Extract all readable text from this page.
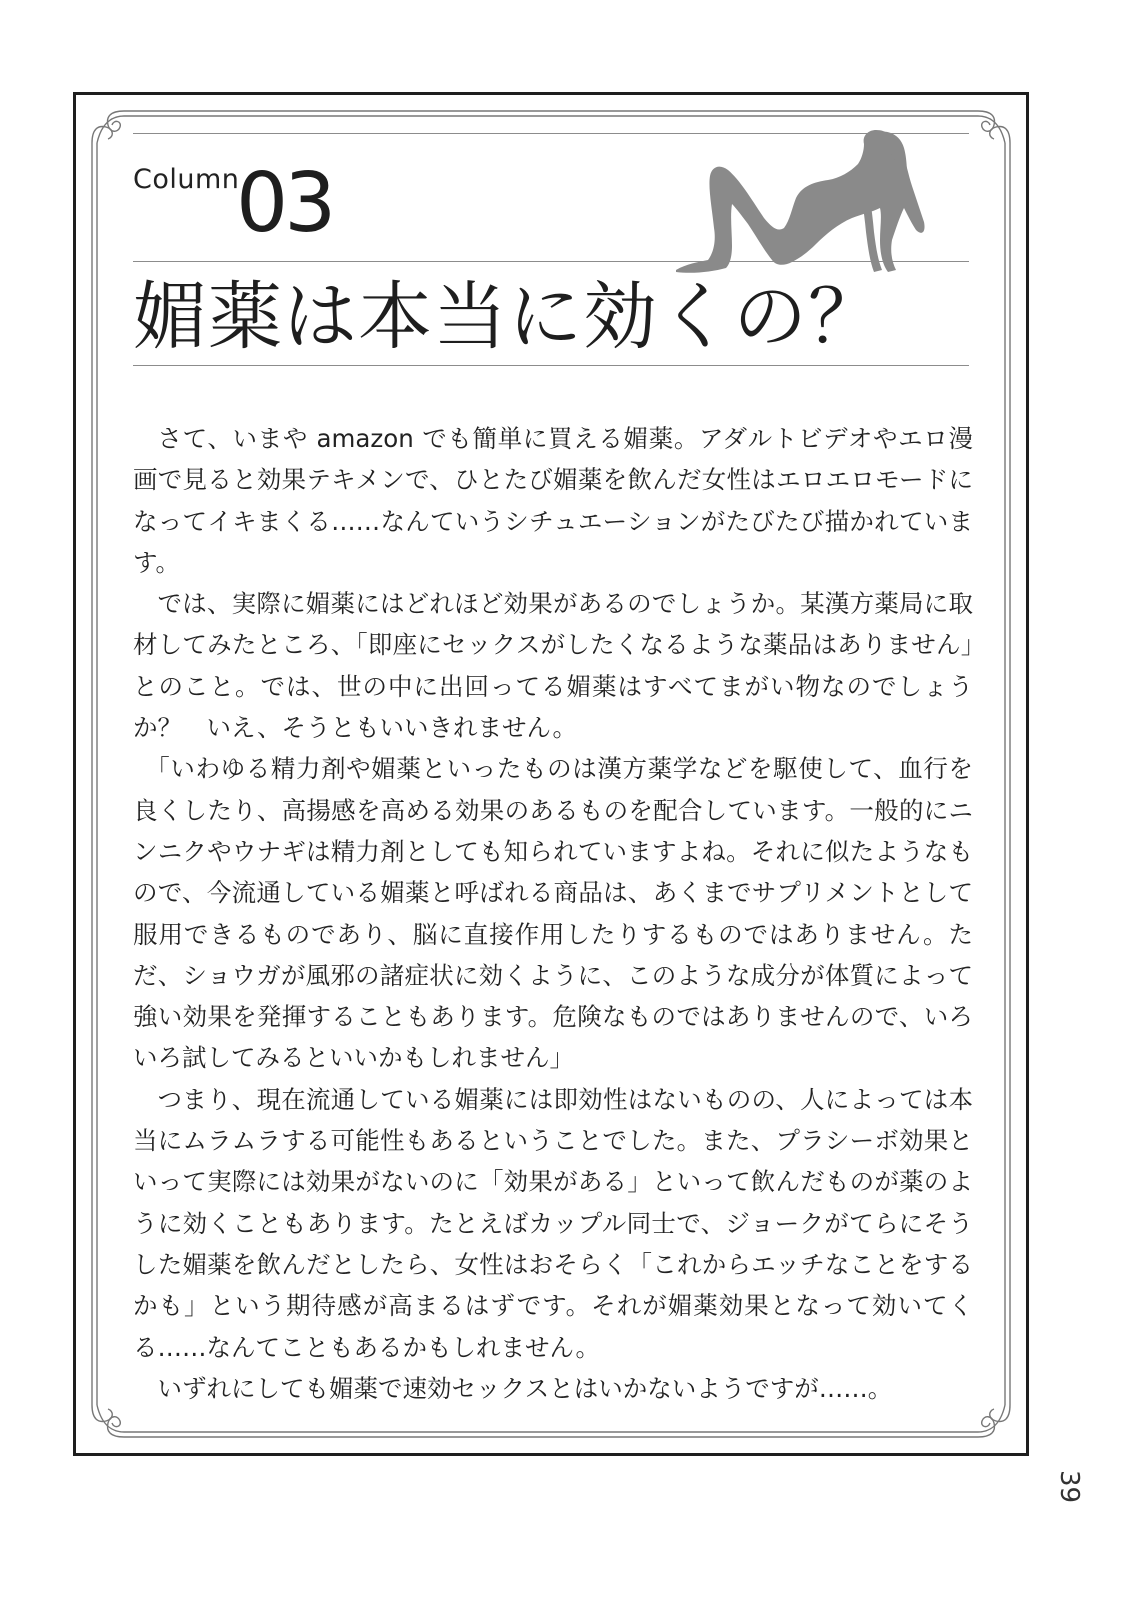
Column
03
媚薬は本当に効くの？

さて、いまや amazon でも簡単に買える媚薬。アダルトビデオやエロ漫画で見ると効果テキメンで、ひとたび媚薬を飲んだ女性はエロエロモードになってイキまくる……なんていうシチュエーションがたびたび描かれています。

では、実際に媚薬にはどれほど効果があるのでしょうか。某漢方薬局に取材してみたところ、「即座にセックスがしたくなるような薬品はありません」とのこと。では、世の中に出回ってる媚薬はすべてまがい物なのでしょうか？　いえ、そうともいいきれません。

「いわゆる精力剤や媚薬といったものは漢方薬学などを駆使して、血行を良くしたり、高揚感を高める効果のあるものを配合しています。一般的にニンニクやウナギは精力剤としても知られていますよね。それに似たようなもので、今流通している媚薬と呼ばれる商品は、あくまでサプリメントとして服用できるものであり、脳に直接作用したりするものではありません。ただ、ショウガが風邪の諸症状に効くように、このような成分が体質によって強い効果を発揮することもあります。危険なものではありませんので、いろいろ試してみるといいかもしれません」

つまり、現在流通している媚薬には即効性はないものの、人によっては本当にムラムラする可能性もあるということでした。また、プラシーボ効果といって実際には効果がないのに「効果がある」といって飲んだものが薬のように効くこともあります。たとえばカップル同士で、ジョークがてらにそうした媚薬を飲んだとしたら、女性はおそらく「これからエッチなことをするかも」という期待感が高まるはずです。それが媚薬効果となって効いてくる……なんてこともあるかもしれません。

いずれにしても媚薬で速効セックスとはいかないようですが……。

39
